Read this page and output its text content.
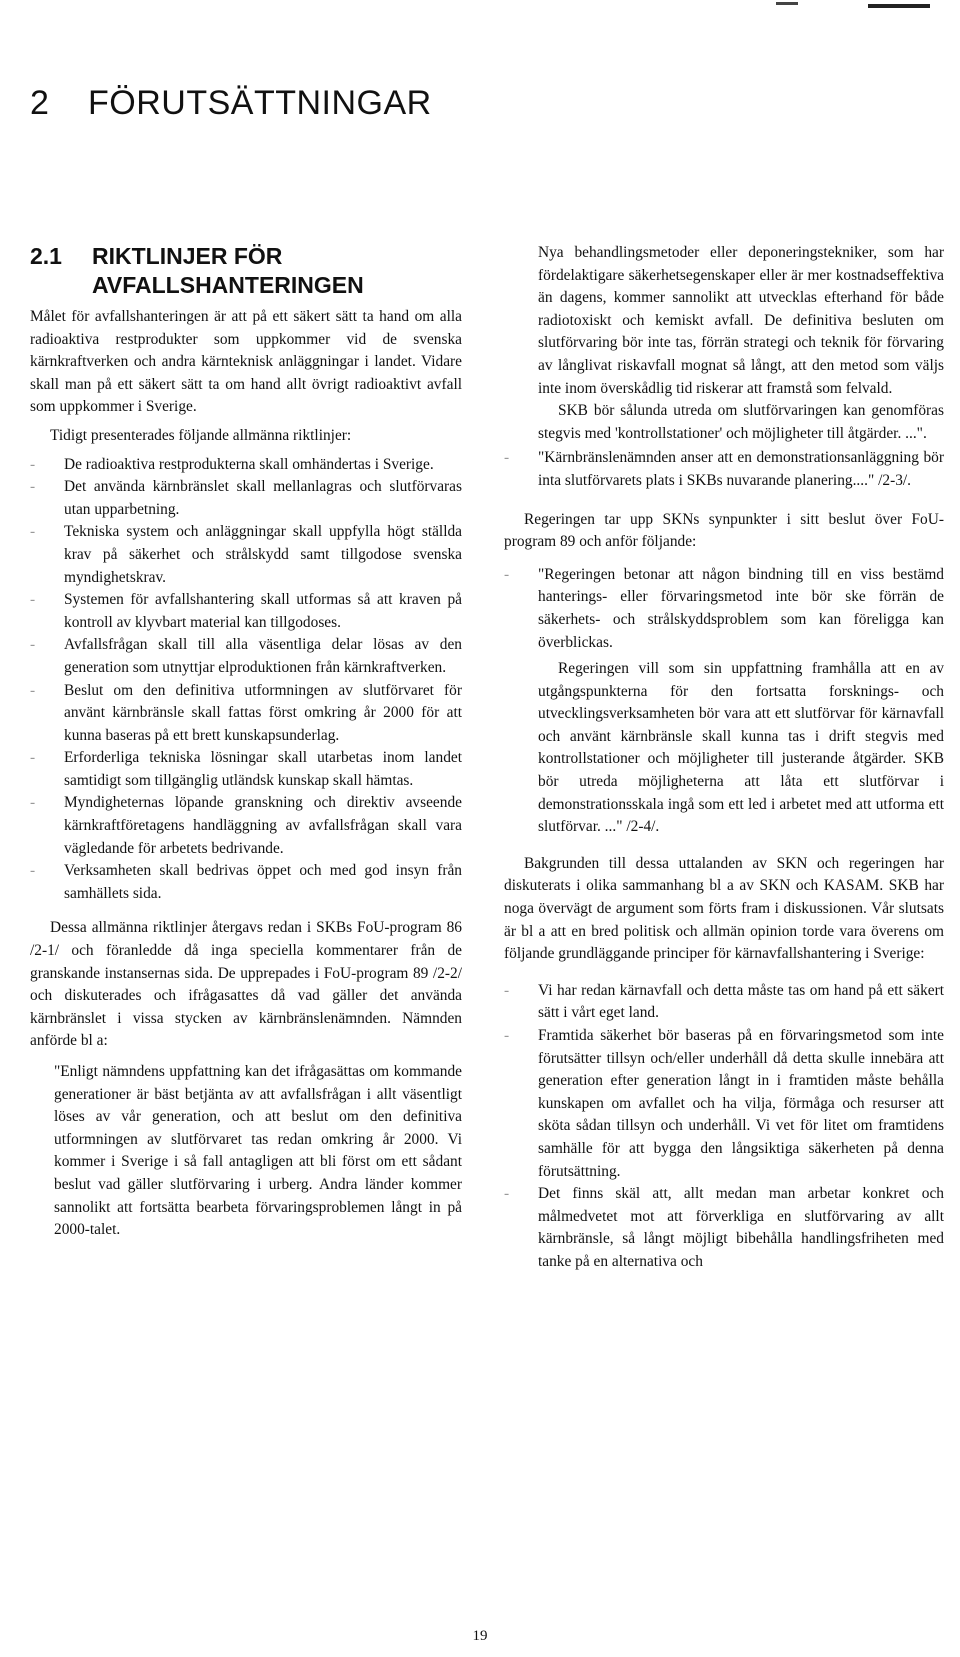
2 FÖRUTSÄTTNINGAR
2.1	RIKTLINJER FÖR
AVFALLSHANTERINGEN

Målet för avfallshanteringen är att på ett säkert sätt ta hand om alla radioaktiva restprodukter som uppkommer vid de svenska kärnkraftverken och andra kärnteknisk anläggningar i landet. Vidare skall man på ett säkert sätt ta om hand allt övrigt radioaktivt avfall som uppkommer i Sverige.

Tidigt presenterades följande allmänna riktlinjer:

- De radioaktiva restprodukterna skall omhändertas i Sverige.
- Det använda kärnbränslet skall mellanlagras och slutförvaras utan upparbetning.
- Tekniska system och anläggningar skall uppfylla högt ställda krav på säkerhet och strålskydd samt tillgodose svenska myndighetskrav.
- Systemen för avfallshantering skall utformas så att kraven på kontroll av klyvbart material kan tillgodoses.
- Avfallsfrågan skall till alla väsentliga delar lösas av den generation som utnyttjar elproduktionen från kärnkraftverken.
- Beslut om den definitiva utformningen av slutförvaret för använt kärnbränsle skall fattas först omkring år 2000 för att kunna baseras på ett brett kunskapsunderlag.
- Erforderliga tekniska lösningar skall utarbetas inom landet samtidigt som tillgänglig utländsk kunskap skall hämtas.
- Myndigheternas löpande granskning och direktiv avseende kärnkraftföretagens handläggning av avfallsfrågan skall vara vägledande för arbetets bedrivande.
- Verksamheten skall bedrivas öppet och med god insyn från samhällets sida.

Dessa allmänna riktlinjer återgavs redan i SKBs FoU-program 86 /2-1/ och föranledde då inga speciella kommentarer från de granskande instansernas sida. De upprepades i FoU-program 89 /2-2/ och diskuterades och ifrågasattes då vad gäller det använda kärnbränslet i vissa stycken av kärnbränslenämnden. Nämnden anförde bl a:

"Enligt nämndens uppfattning kan det ifrågasättas om kommande generationer är bäst betjänta av att avfallsfrågan i allt väsentligt löses av vår generation, och att beslut om den definitiva utformningen av slutförvaret tas redan omkring år 2000. Vi kommer i Sverige i så fall antagligen att bli först om ett sådant beslut vad gäller slutförvaring i urberg. Andra länder kommer sannolikt att fortsätta bearbeta förvaringsproblemen långt in på 2000-talet.
Nya behandlingsmetoder eller deponeringstekniker, som har fördelaktigare säkerhetsegenskaper eller är mer kostnadseffektiva än dagens, kommer sannolikt att utvecklas efterhand för både radiotoxiskt och kemiskt avfall. De definitiva besluten om slutförvaring bör inte tas, förrän strategi och teknik för förvaring av långlivat riskavfall mognat så långt, att den metod som väljs inte inom överskådlig tid riskerar att framstå som felvald.
SKB bör sålunda utreda om slutförvaringen kan genomföras stegvis med 'kontrollstationer' och möjligheter till åtgärder. ...".
- "Kärnbränslenämnden anser att en demonstrationsanläggning bör inta slutförvarets plats i SKBs nuvarande planering...." /2-3/.

Regeringen tar upp SKNs synpunkter i sitt beslut över FoU-program 89 och anför följande:

- "Regeringen betonar att någon bindning till en viss bestämd hanterings- eller förvaringsmetod inte bör ske förrän de säkerhets- och strålskyddsproblem som kan föreligga kan överblickas.
Regeringen vill som sin uppfattning framhålla att en av utgångspunkterna för den fortsatta forsknings- och utvecklingsverksamheten bör vara att ett slutförvar för kärnavfall och använt kärnbränsle skall kunna tas i drift stegvis med kontrollstationer och möjligheter till justerande åtgärder. SKB bör utreda möjligheterna att låta ett slutförvar i demonstrationsskala ingå som ett led i arbetet med att utforma ett slutförvar. ..." /2-4/.

Bakgrunden till dessa uttalanden av SKN och regeringen har diskuterats i olika sammanhang bl a av SKN och KASAM. SKB har noga övervägt de argument som förts fram i diskussionen. Vår slutsats är bl a att en bred politisk och allmän opinion torde vara överens om följande grundläggande principer för kärnavfallshantering i Sverige:

- Vi har redan kärnavfall och detta måste tas om hand på ett säkert sätt i vårt eget land.
- Framtida säkerhet bör baseras på en förvaringsmetod som inte förutsätter tillsyn och/eller underhåll då detta skulle innebära att generation efter generation långt in i framtiden måste behålla kunskapen om avfallet och ha vilja, förmåga och resurser att sköta sådan tillsyn och underhåll. Vi vet för litet om framtidens samhälle för att bygga den långsiktiga säkerheten på denna förutsättning.
- Det finns skäl att, allt medan man arbetar konkret och målmedvetet mot att förverkliga en slutförvaring av allt kärnbränsle, så långt möjligt bibehålla handlingsfriheten med tanke på en alternativa och
19
